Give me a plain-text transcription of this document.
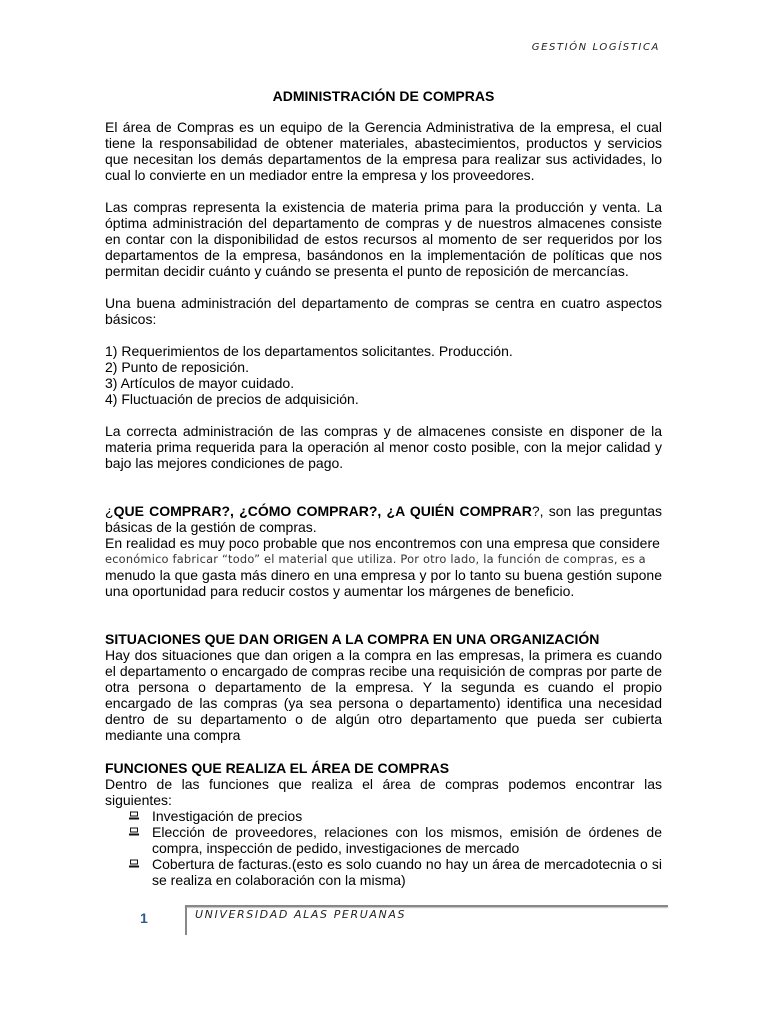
GESTIÓN LOGÍSTICA
ADMINISTRACIÓN DE COMPRAS

El área de Compras es un equipo de la Gerencia Administrativa de la empresa, el cual tiene la responsabilidad de obtener materiales, abastecimientos, productos y servicios que necesitan los demás departamentos de la empresa para realizar sus actividades, lo cual lo convierte en un mediador entre la empresa y los proveedores.

Las compras representa la existencia de materia prima para la producción y venta. La óptima administración del departamento de compras y de nuestros almacenes consiste en contar con la disponibilidad de estos recursos al momento de ser requeridos por los departamentos de la empresa, basándonos en la implementación de políticas que nos permitan decidir cuánto y cuándo se presenta el punto de reposición de mercancías.

Una buena administración del departamento de compras se centra en cuatro aspectos básicos:

1) Requerimientos de los departamentos solicitantes. Producción.
2) Punto de reposición.
3) Artículos de mayor cuidado.
4) Fluctuación de precios de adquisición.

La correcta administración de las compras y de almacenes consiste en disponer de la materia prima requerida para la operación al menor costo posible, con la mejor calidad y bajo las mejores condiciones de pago.

¿QUE COMPRAR?, ¿CÓMO COMPRAR?, ¿A QUIÉN COMPRAR?, son las preguntas básicas de la gestión de compras.

En realidad es muy poco probable que nos encontremos con una empresa que considere
económico fabricar “todo” el material que utiliza. Por otro lado, la función de compras, es a
menudo la que gasta más dinero en una empresa y por lo tanto su buena gestión supone una oportunidad para reducir costos y aumentar los márgenes de beneficio.

SITUACIONES QUE DAN ORIGEN A LA COMPRA EN UNA ORGANIZACIÓN

Hay dos situaciones que dan origen a la compra en las empresas, la primera es cuando el departamento o encargado de compras recibe una requisición de compras por parte de otra persona o departamento de la empresa. Y la segunda es cuando el propio encargado de las compras (ya sea persona o departamento) identifica una necesidad dentro de su departamento o de algún otro departamento que pueda ser cubierta mediante una compra

FUNCIONES QUE REALIZA EL ÁREA DE COMPRAS

Dentro de las funciones que realiza el área de compras podemos encontrar las siguientes:

Investigación de precios
Elección de proveedores, relaciones con los mismos, emisión de órdenes de compra, inspección de pedido, investigaciones de mercado
Cobertura de facturas.(esto es solo cuando no hay un área de mercadotecnia o si se realiza en colaboración con la misma)
1	UNIVERSIDAD ALAS PERUANAS
